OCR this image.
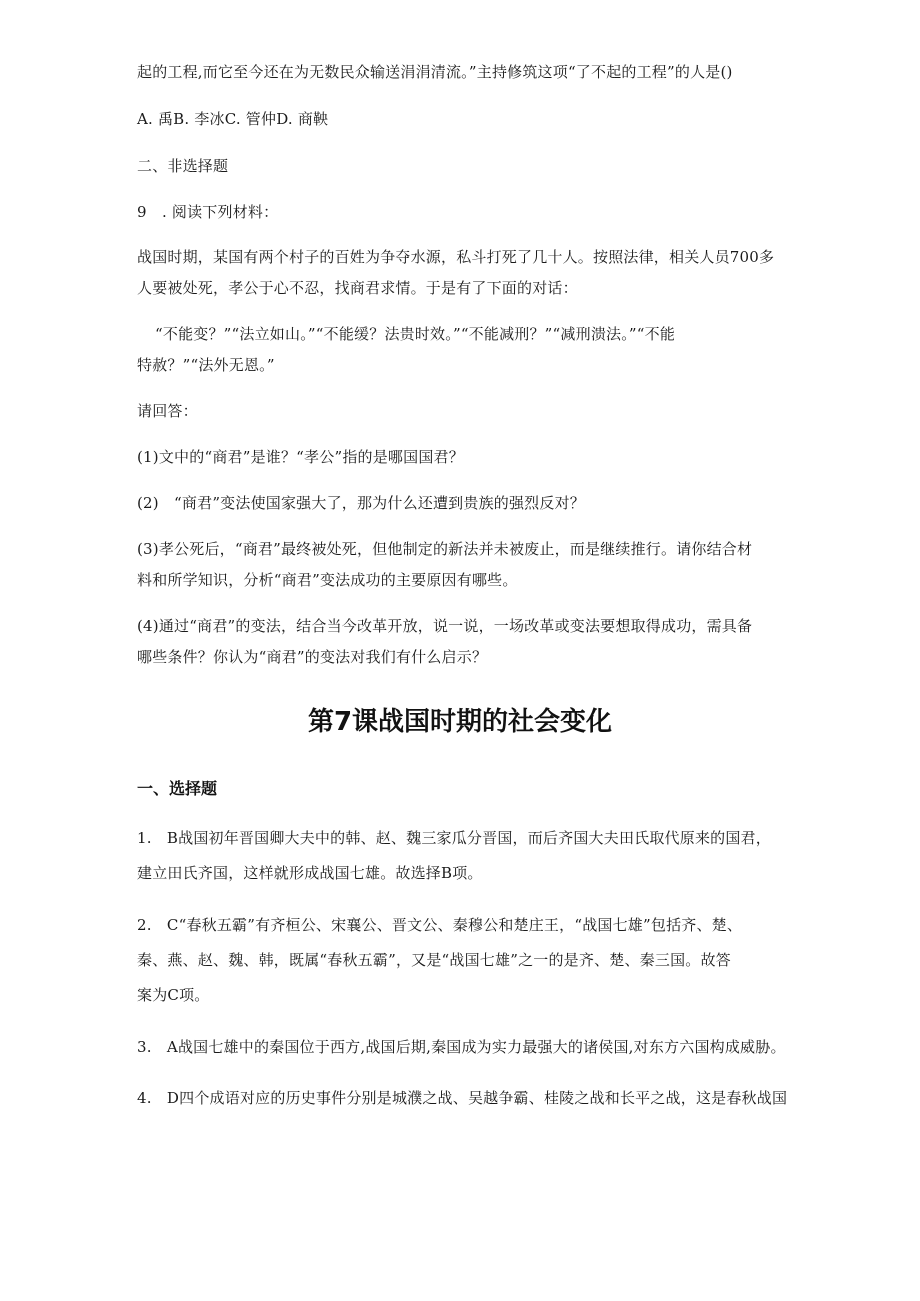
起的工程,而它至今还在为无数民众输送涓涓清流。”主持修筑这项“了不起的工程”的人是()
A. 禹B. 李冰C. 管仲D. 商鞅
二、非选择题
9　. 阅读下列材料：
战国时期，某国有两个村子的百姓为争夺水源，私斗打死了几十人。按照法律，相关人员700多
人要被处死，孝公于心不忍，找商君求情。于是有了下面的对话：
“不能变？”“法立如山。”“不能缓？法贵时效。”“不能减刑？”“减刑溃法。”“不能
特赦？”“法外无恩。”
请回答：
(1)文中的“商君”是谁？“孝公”指的是哪国国君？
(2)　“商君”变法使国家强大了，那为什么还遭到贵族的强烈反对？
(3)孝公死后，“商君”最终被处死，但他制定的新法并未被废止，而是继续推行。请你结合材
料和所学知识，分析“商君”变法成功的主要原因有哪些。
(4)通过“商君”的变法，结合当今改革开放，说一说，一场改革或变法要想取得成功，需具备
哪些条件？你认为“商君”的变法对我们有什么启示？
第7课战国时期的社会变化
一、选择题
1.　B战国初年晋国卿大夫中的韩、赵、魏三家瓜分晋国，而后齐国大夫田氏取代原来的国君，
建立田氏齐国，这样就形成战国七雄。故选择B项。
2.　C“春秋五霸”有齐桓公、宋襄公、晋文公、秦穆公和楚庄王，“战国七雄”包括齐、楚、
秦、燕、赵、魏、韩，既属“春秋五霸”，又是“战国七雄”之一的是齐、楚、秦三国。故答
案为C项。
3.　A战国七雄中的秦国位于西方,战国后期,秦国成为实力最强大的诸侯国,对东方六国构成威胁。
4.　D四个成语对应的历史事件分别是城濮之战、吴越争霸、桂陵之战和长平之战，这是春秋战国
